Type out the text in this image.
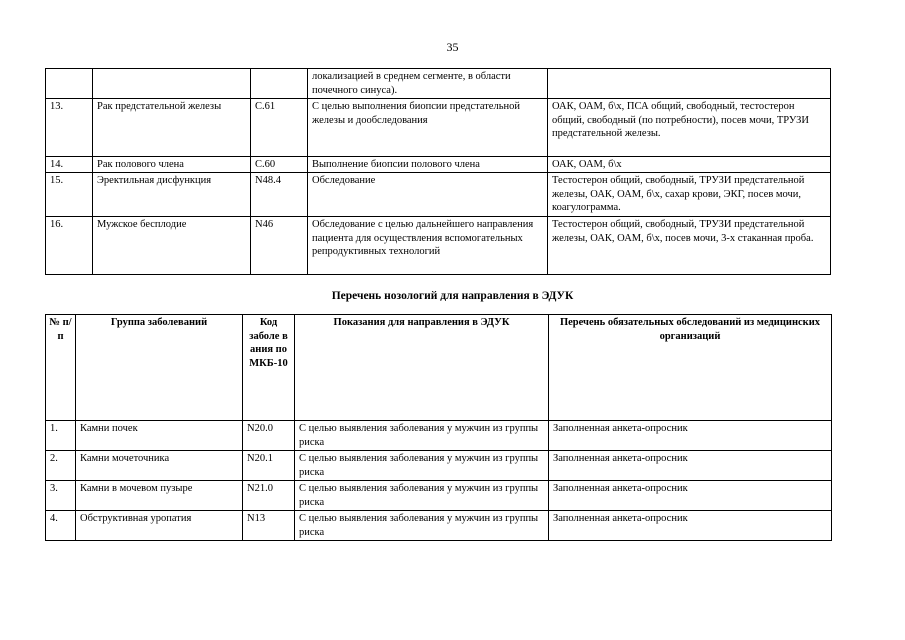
35
			локализацией в среднем сегменте, в области почечного синуса).	
13.	Рак предстательной железы	C.61	С целью выполнения биопсии предстательной железы и дообследования	ОАК, ОАМ, б\х, ПСА общий, свободный, тестостерон общий, свободный (по потребности), посев мочи, ТРУЗИ предстательной железы.
14.	Рак полового члена	C.60	Выполнение биопсии полового члена	ОАК, ОАМ, б\х
15.	Эректильная дисфункция	N48.4	Обследование	Тестостерон общий, свободный, ТРУЗИ предстательной железы, ОАК, ОАМ, б\х, сахар крови, ЭКГ, посев мочи, коагулограмма.
16.	Мужское бесплодие	N46	Обследование с целью дальнейшего направления пациента для осуществления вспомогательных репродуктивных технологий	Тестостерон общий, свободный, ТРУЗИ предстательной железы, ОАК, ОАМ, б\х, посев мочи, 3-х стаканная проба.
Перечень нозологий для направления в ЭДУК
№ п/п	Группа заболеваний	Код заболе в ания по МКБ-10	Показания для направления в ЭДУК	Перечень обязательных обследований из медицинских организаций
1.	Камни почек	N20.0	С целью выявления заболевания у мужчин из группы риска	Заполненная анкета-опросник
2.	Камни мочеточника	N20.1	С целью выявления заболевания у мужчин из группы риска	Заполненная анкета-опросник
3.	Камни в мочевом пузыре	N21.0	С целью выявления заболевания у мужчин из группы риска	Заполненная анкета-опросник
4.	Обструктивная уропатия	N13	С целью выявления заболевания у мужчин из группы риска	Заполненная анкета-опросник
